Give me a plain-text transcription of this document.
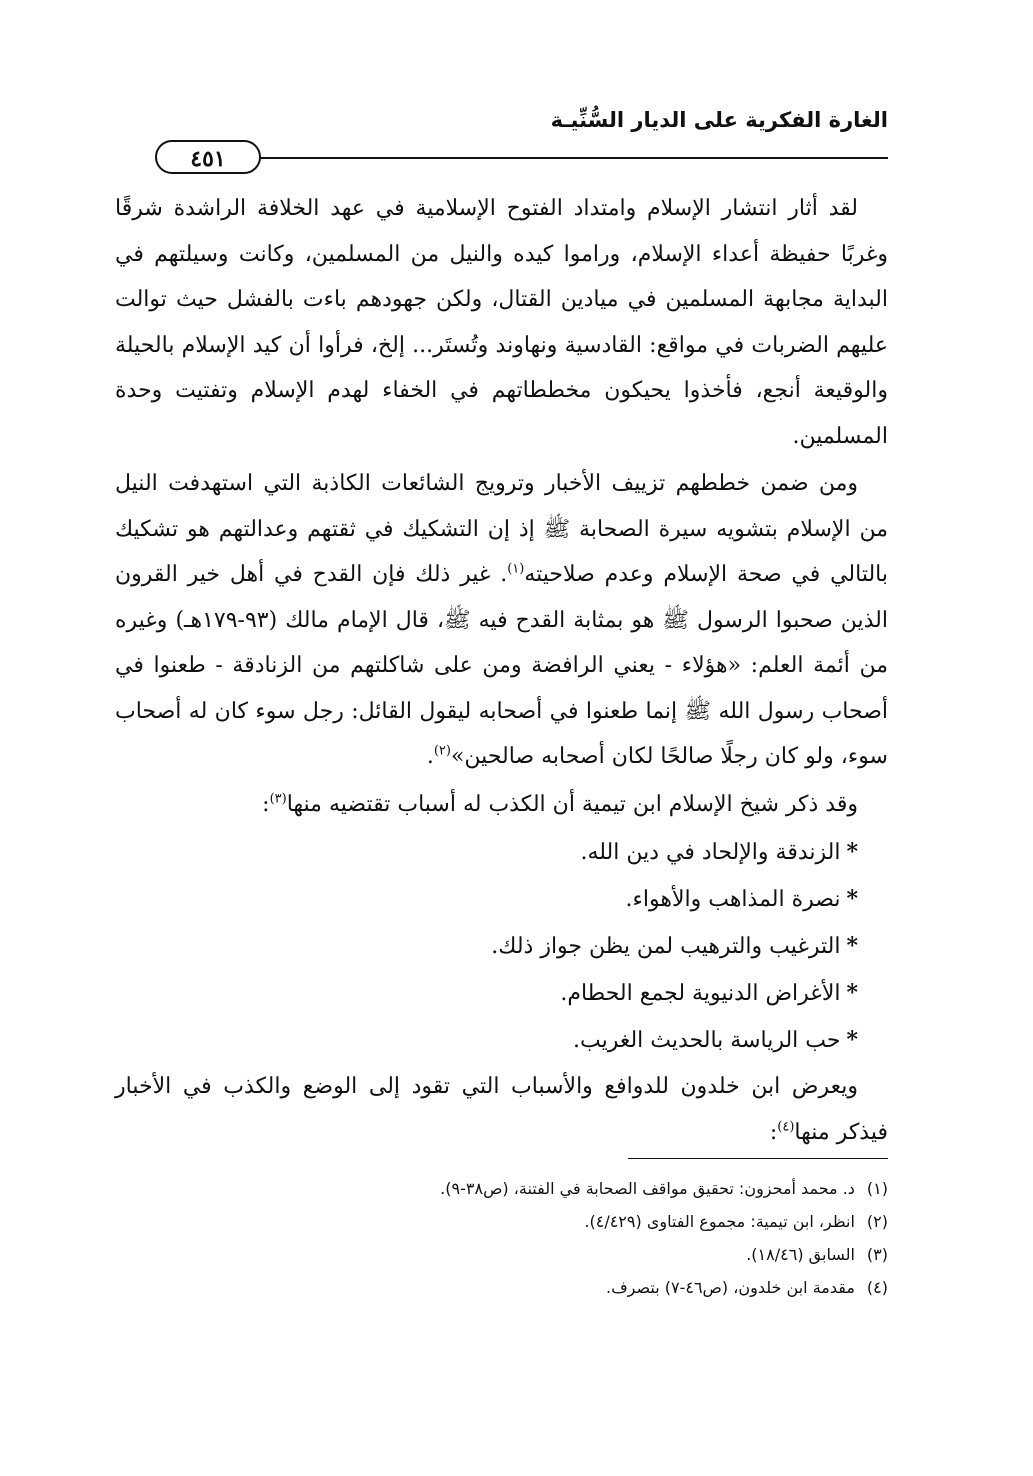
الغارة الفكرية على الديار السُّنِّيـة
٤٥١

لقد أثار انتشار الإسلام وامتداد الفتوح الإسلامية في عهد الخلافة الراشدة شرقًا وغربًا حفيظة أعداء الإسلام، وراموا كيده والنيل من المسلمين، وكانت وسيلتهم في البداية مجابهة المسلمين في ميادين القتال، ولكن جهودهم باءت بالفشل حيث توالت عليهم الضربات في مواقع: القادسية ونهاوند وتُستَر... إلخ، فرأوا أن كيد الإسلام بالحيلة والوقيعة أنجع، فأخذوا يحيكون مخططاتهم في الخفاء لهدم الإسلام وتفتيت وحدة المسلمين.

ومن ضمن خططهم تزييف الأخبار وترويج الشائعات الكاذبة التي استهدفت النيل من الإسلام بتشويه سيرة الصحابة ﷺ إذ إن التشكيك في ثقتهم وعدالتهم هو تشكيك بالتالي في صحة الإسلام وعدم صلاحيته$^{(١)}$. غير ذلك فإن القدح في أهل خير القرون الذين صحبوا الرسول ﷺ هو بمثابة القدح فيه ﷺ، قال الإمام مالك (٩٣-١٧٩هـ) وغيره من أئمة العلم: «هؤلاء - يعني الرافضة ومن على شاكلتهم من الزنادقة - طعنوا في أصحاب رسول الله ﷺ إنما طعنوا في أصحابه ليقول القائل: رجل سوء كان له أصحاب سوء، ولو كان رجلًا صالحًا لكان أصحابه صالحين»$^{(٢)}$.

وقد ذكر شيخ الإسلام ابن تيمية أن الكذب له أسباب تقتضيه منها$^{(٣)}$:

*الزندقة والإلحاد في دين الله.
*نصرة المذاهب والأهواء.
*الترغيب والترهيب لمن يظن جواز ذلك.
*الأغراض الدنيوية لجمع الحطام.
*حب الرياسة بالحديث الغريب.

ويعرض ابن خلدون للدوافع والأسباب التي تقود إلى الوضع والكذب في الأخبار فيذكر منها$^{(٤)}$:

(١)د. محمد أمحزون: تحقيق مواقف الصحابة في الفتنة، (ص٣٨-٩).

(٢)انظر، ابن تيمية: مجموع الفتاوى (٤/٤٢٩).

(٣)السابق (١٨/٤٦).

(٤)مقدمة ابن خلدون، (ص٤٦-٧) بتصرف.
